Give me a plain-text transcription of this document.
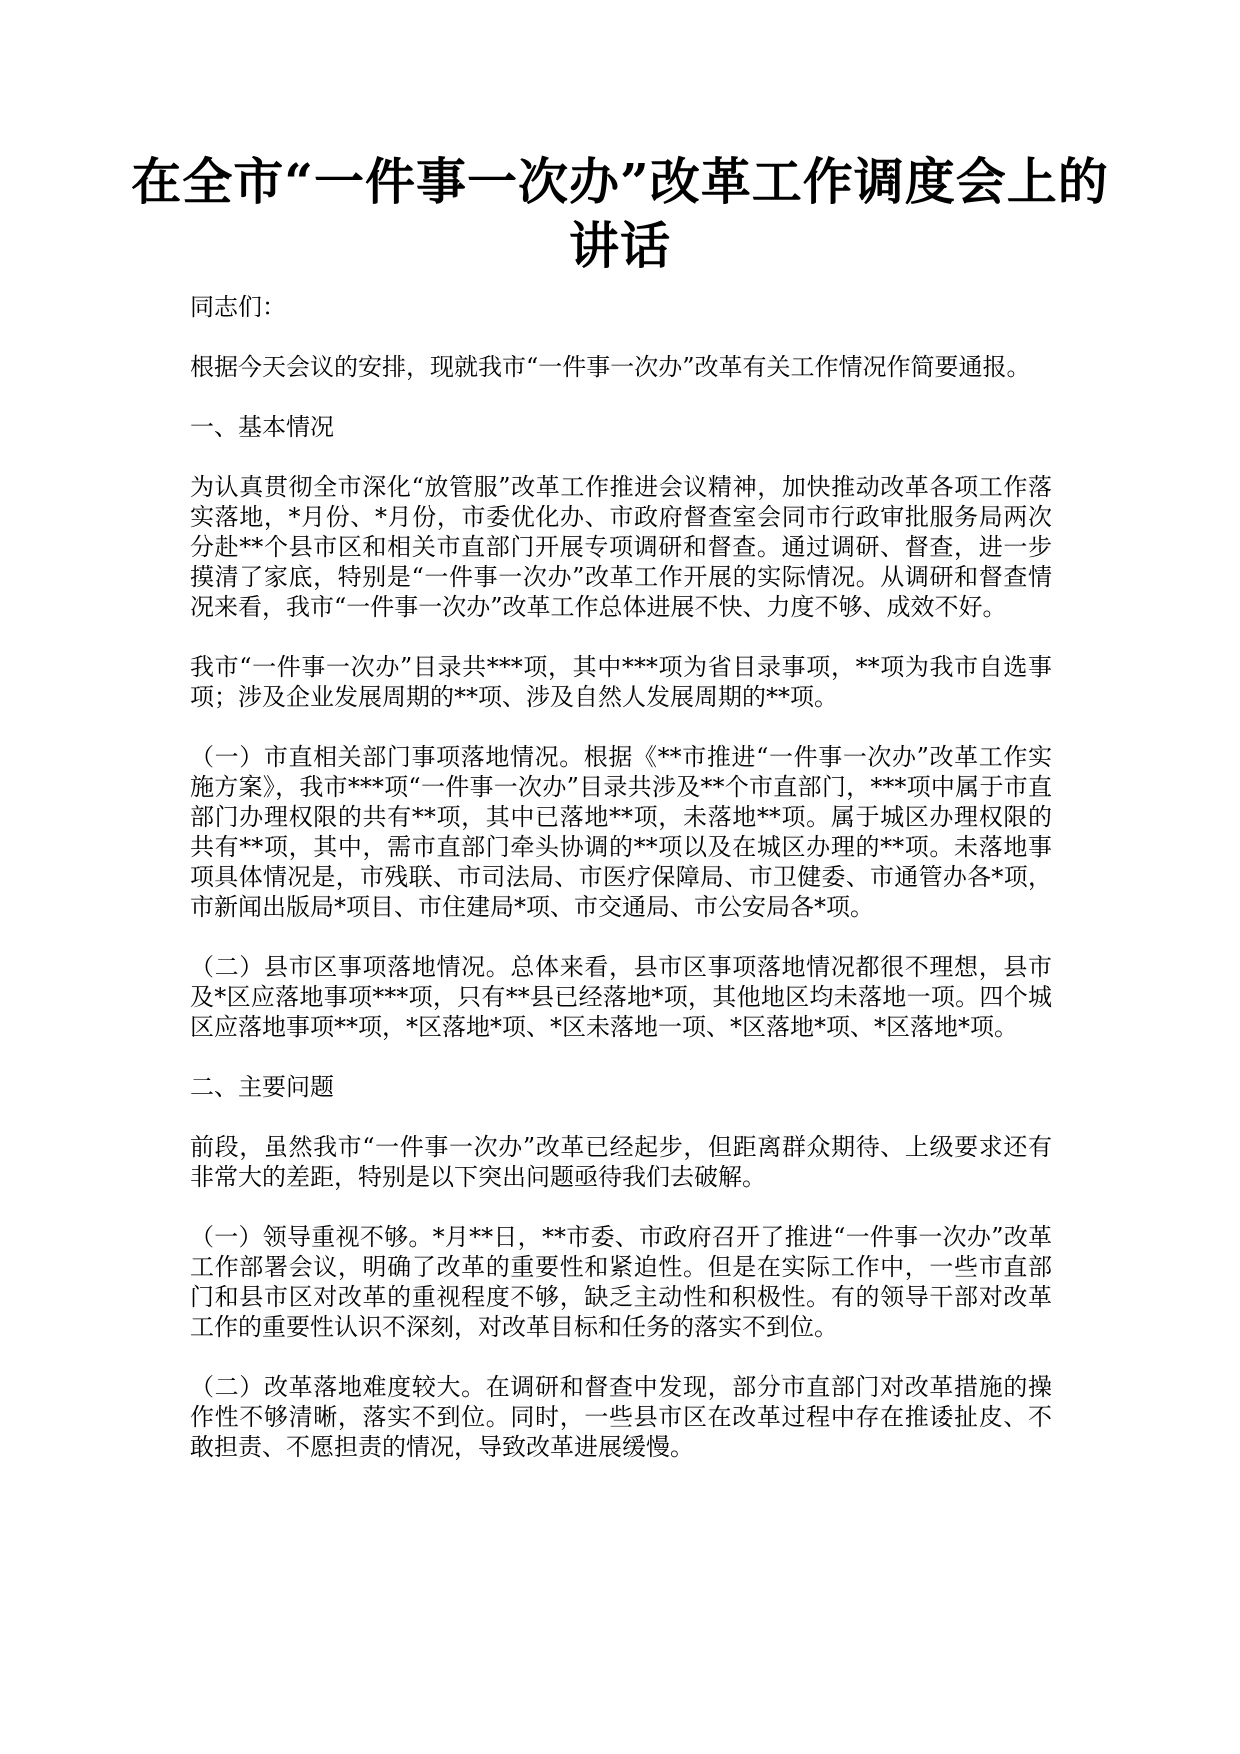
在全市“一件事一次办”改革工作调度会上的讲话

同志们：

根据今天会议的安排，现就我市“一件事一次办”改革有关工作情况作简要通报。

一、基本情况

为认真贯彻全市深化“放管服”改革工作推进会议精神，加快推动改革各项工作落实落地，*月份、*月份，市委优化办、市政府督查室会同市行政审批服务局两次分赴**个县市区和相关市直部门开展专项调研和督查。通过调研、督查，进一步摸清了家底，特别是“一件事一次办”改革工作开展的实际情况。从调研和督查情况来看，我市“一件事一次办”改革工作总体进展不快、力度不够、成效不好。

我市“一件事一次办”目录共***项，其中***项为省目录事项，**项为我市自选事项；涉及企业发展周期的**项、涉及自然人发展周期的**项。

（一）市直相关部门事项落地情况。根据《**市推进“一件事一次办”改革工作实施方案》，我市***项“一件事一次办”目录共涉及**个市直部门，***项中属于市直部门办理权限的共有**项，其中已落地**项，未落地**项。属于城区办理权限的共有**项，其中，需市直部门牵头协调的**项以及在城区办理的**项。未落地事项具体情况是，市残联、市司法局、市医疗保障局、市卫健委、市通管办各*项，市新闻出版局*项目、市住建局*项、市交通局、市公安局各*项。

（二）县市区事项落地情况。总体来看，县市区事项落地情况都很不理想，县市及*区应落地事项***项，只有**县已经落地*项，其他地区均未落地一项。四个城区应落地事项**项，*区落地*项、*区未落地一项、*区落地*项、*区落地*项。

二、主要问题

前段，虽然我市“一件事一次办”改革已经起步，但距离群众期待、上级要求还有非常大的差距，特别是以下突出问题亟待我们去破解。

（一）领导重视不够。*月**日，**市委、市政府召开了推进“一件事一次办”改革工作部署会议，明确了改革的重要性和紧迫性。但是在实际工作中，一些市直部门和县市区对改革的重视程度不够，缺乏主动性和积极性。有的领导干部对改革工作的重要性认识不深刻，对改革目标和任务的落实不到位。

（二）改革落地难度较大。在调研和督查中发现，部分市直部门对改革措施的操作性不够清晰，落实不到位。同时，一些县市区在改革过程中存在推诿扯皮、不敢担责、不愿担责的情况，导致改革进展缓慢。
